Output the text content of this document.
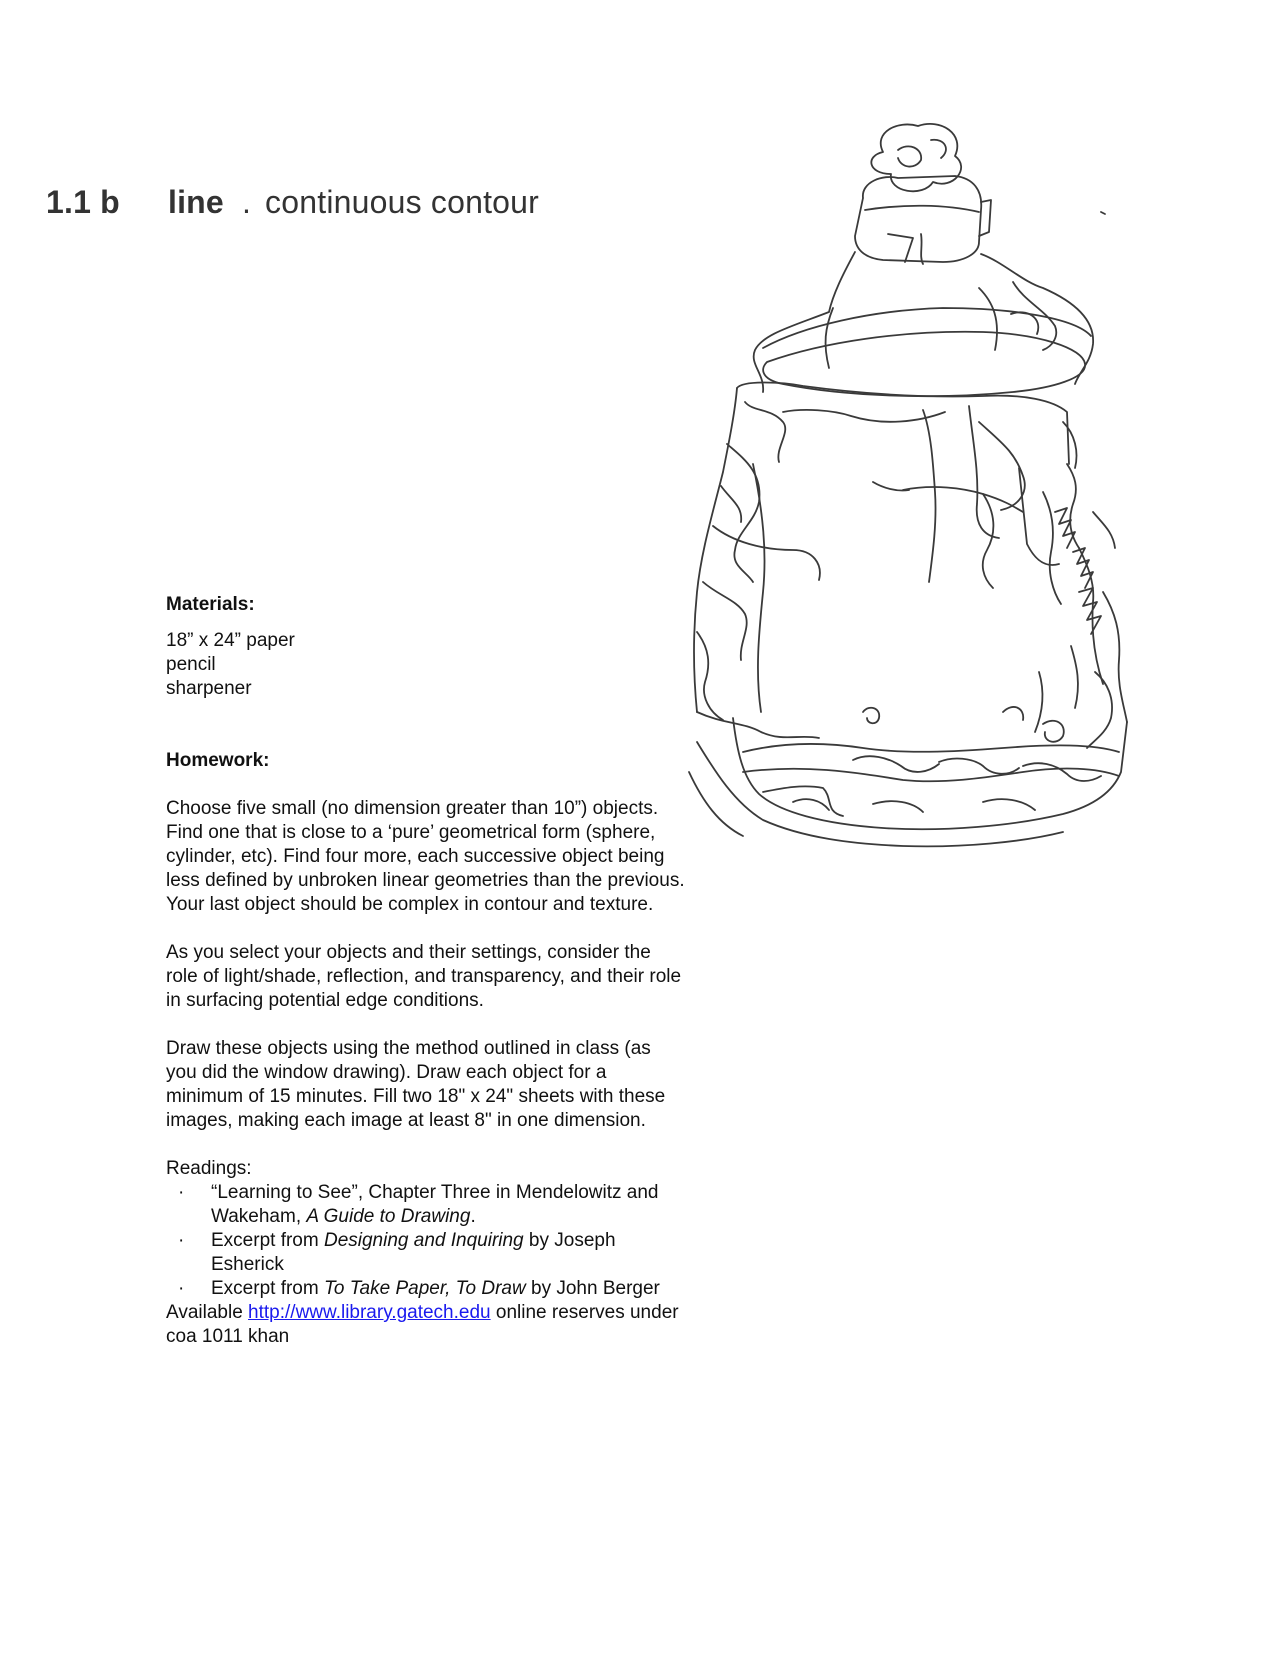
1.1 b line . continuous contour

Materials:

18” x 24” paper
pencil
sharpener

Homework:

Choose five small (no dimension greater than 10”) objects. Find one that is close to a ‘pure’ geometrical form (sphere, cylinder, etc). Find four more, each successive object being less defined by unbroken linear geometries than the previous. Your last object should be complex in contour and texture.

As you select your objects and their settings, consider the role of light/shade, reflection, and transparency, and their role in surfacing potential edge conditions.

Draw these objects using the method outlined in class (as you did the window drawing). Draw each object for a minimum of 15 minutes. Fill two 18" x 24" sheets with these images, making each image at least 8" in one dimension.

Readings:

· “Learning to See”, Chapter Three in Mendelowitz and Wakeham, A Guide to Drawing.
· Excerpt from Designing and Inquiring by Joseph Esherick
· Excerpt from To Take Paper, To Draw by John Berger

Available http://www.library.gatech.edu online reserves under coa 1011 khan
